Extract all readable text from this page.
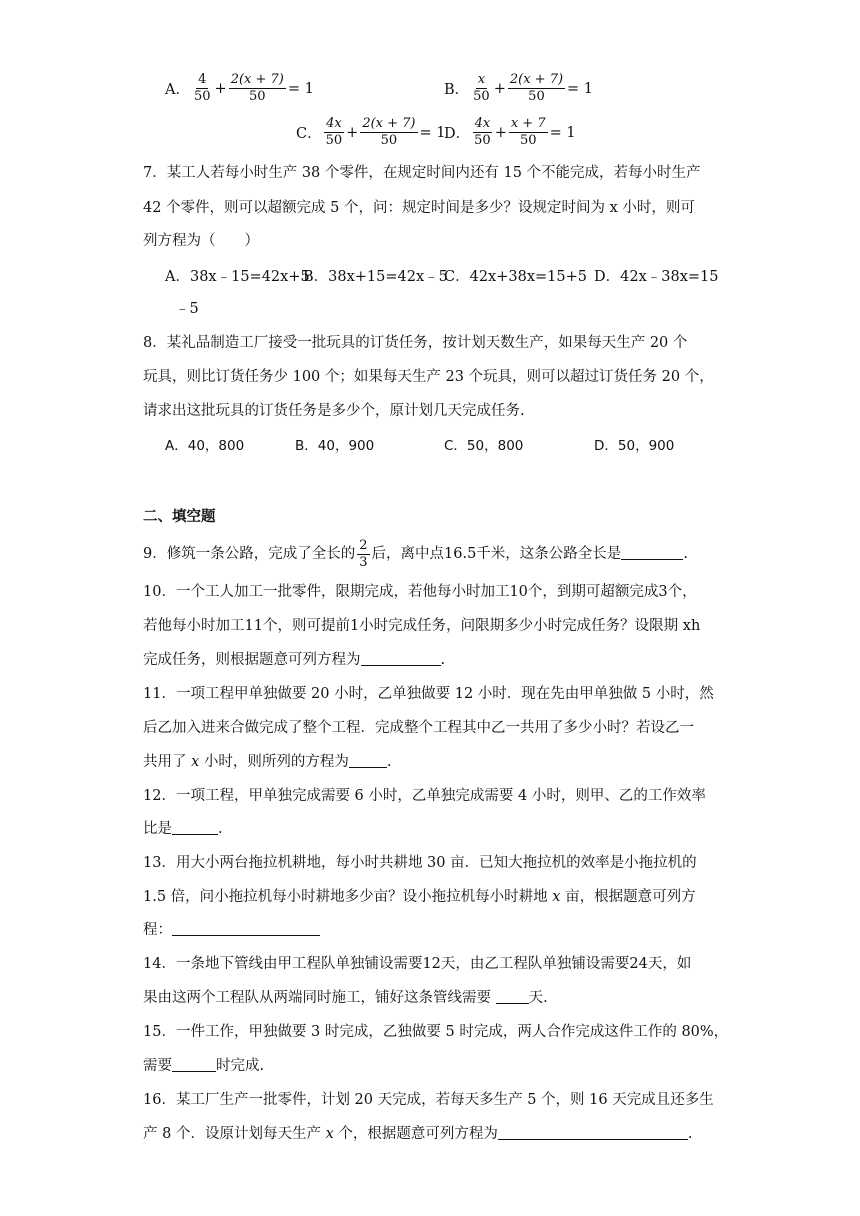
A． $\frac{4}{50} + \frac{2(x + 7)}{50} = 1$	B． $\frac{x}{50} + \frac{2(x + 7)}{50} = 1$
C． $\frac{4x}{50} + \frac{2(x + 7)}{50} = 1$
D． $\frac{4x}{50} + \frac{x + 7}{50} = 1$
7．某工人若每小时生产 38 个零件，在规定时间内还有 15 个不能完成，若每小时生产
42 个零件，则可以超额完成 5 个，问：规定时间是多少？设规定时间为 x 小时，则可
列方程为（　　）
A．38x﹣15=42x+5
B．38x+15=42x﹣5
C．42x+38x=15+5 D．42x﹣38x=15
﹣5
8．某礼品制造工厂接受一批玩具的订货任务，按计划天数生产，如果每天生产 20 个
玩具，则比订货任务少 100 个；如果每天生产 23 个玩具，则可以超过订货任务 20 个，
请求出这批玩具的订货任务是多少个，原计划几天完成任务.
A．40，800	B．40，900	C．50，800	D．50，900
二、填空题
9．修筑一条公路，完成了全长的 $\frac{2}{3}$ 后，离中点16.5千米，这条公路全长是	.
10．一个工人加工一批零件，限期完成，若他每小时加工10个，到期可超额完成3个，
若他每小时加工11个，则可提前1小时完成任务，问限期多少小时完成任务？设限期 xh
完成任务，则根据题意可列方程为	.
11．一项工程甲单独做要 20 小时，乙单独做要 12 小时．现在先由甲单独做 5 小时，然
后乙加入进来合做完成了整个工程．完成整个工程其中乙一共用了多少小时？若设乙一
共用了 x 小时，则所列的方程为	.
12．一项工程，甲单独完成需要 6 小时，乙单独完成需要 4 小时，则甲、乙的工作效率
比是	.
13．用大小两台拖拉机耕地，每小时共耕地 30 亩．已知大拖拉机的效率是小拖拉机的
1.5 倍，问小拖拉机每小时耕地多少亩？设小拖拉机每小时耕地 x 亩，根据题意可列方
程：
14．一条地下管线由甲工程队单独铺设需要12天，由乙工程队单独铺设需要24天，如
果由这两个工程队从两端同时施工，铺好这条管线需要 天.
15．一件工作，甲独做要 3 时完成，乙独做要 5 时完成，两人合作完成这件工作的 80%，
需要	时完成.
16．某工厂生产一批零件，计划 20 天完成，若每天多生产 5 个，则 16 天完成且还多生
产 8 个．设原计划每天生产 x 个，根据题意可列方程为	.
